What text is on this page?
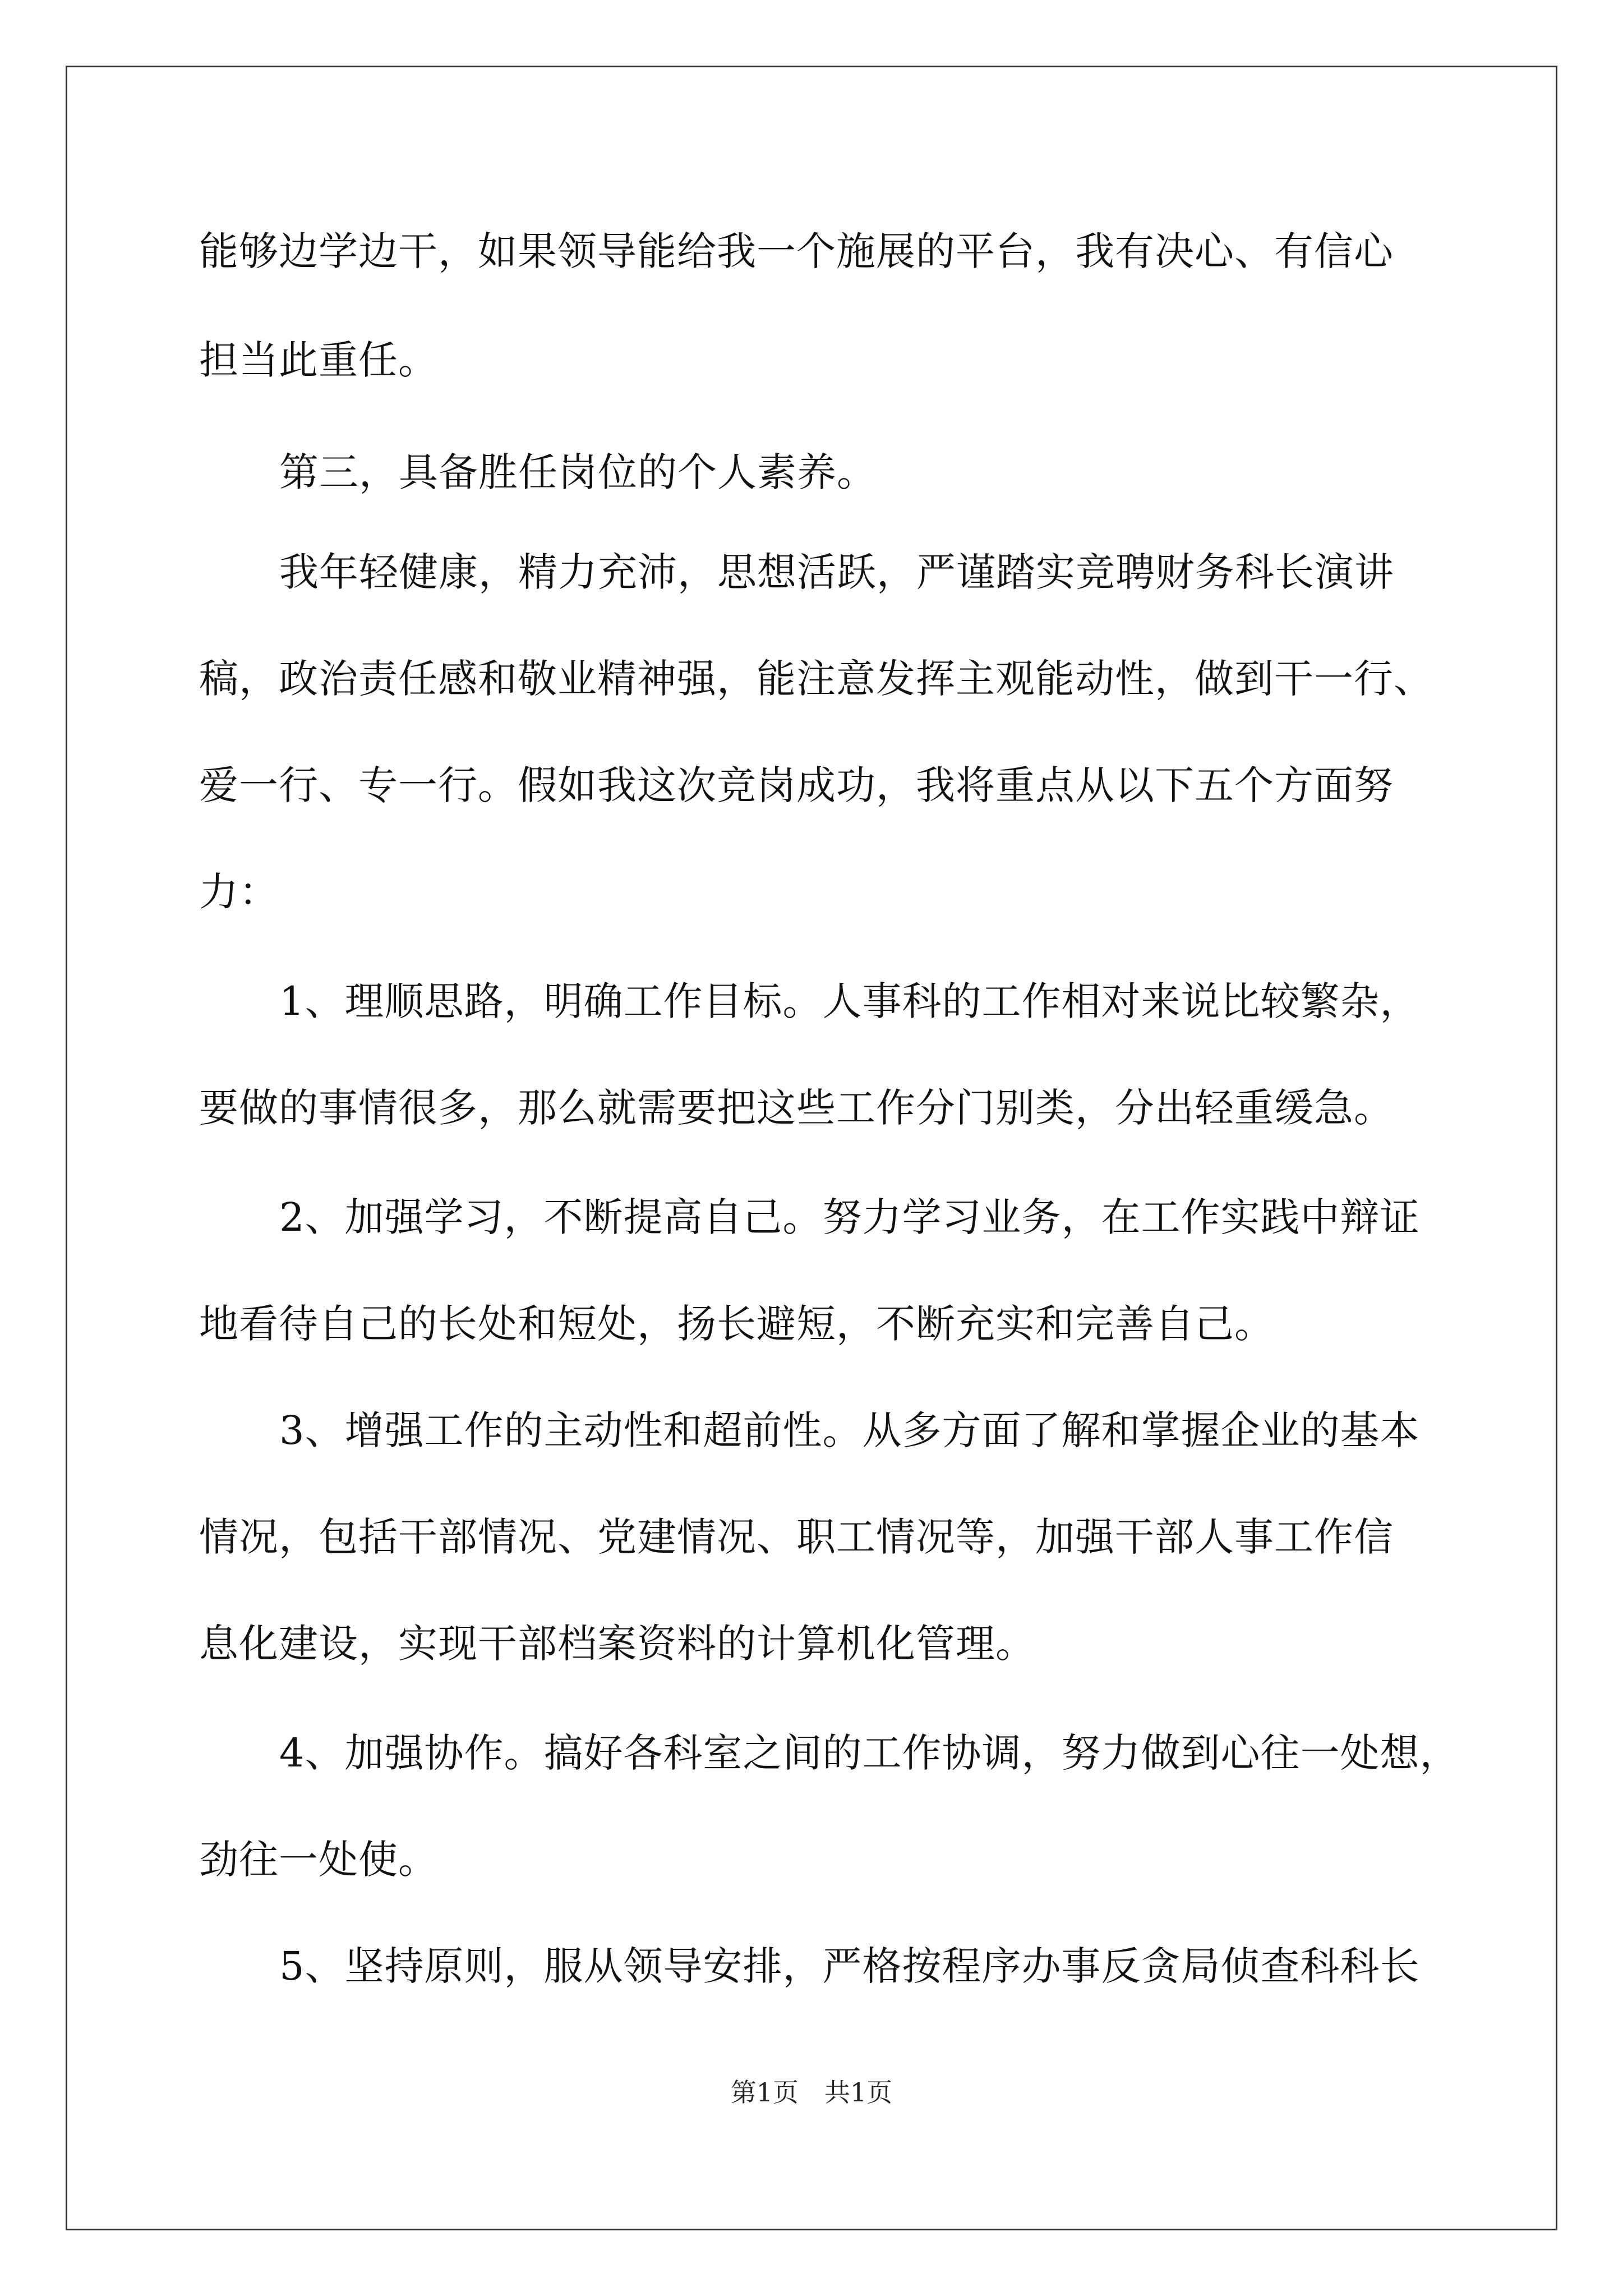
能够边学边干，如果领导能给我一个施展的平台，我有决心、有信心
担当此重任。
第三，具备胜任岗位的个人素养。
我年轻健康，精力充沛，思想活跃，严谨踏实竞聘财务科长演讲
稿，政治责任感和敬业精神强，能注意发挥主观能动性，做到干一行、
爱一行、专一行。假如我这次竞岗成功，我将重点从以下五个方面努
力：
1、理顺思路，明确工作目标。人事科的工作相对来说比较繁杂，
要做的事情很多，那么就需要把这些工作分门别类，分出轻重缓急。
2、加强学习，不断提高自己。努力学习业务，在工作实践中辩证
地看待自己的长处和短处，扬长避短，不断充实和完善自己。
3、增强工作的主动性和超前性。从多方面了解和掌握企业的基本
情况，包括干部情况、党建情况、职工情况等，加强干部人事工作信
息化建设，实现干部档案资料的计算机化管理。
4、加强协作。搞好各科室之间的工作协调，努力做到心往一处想，
劲往一处使。
5、坚持原则，服从领导安排，严格按程序办事反贪局侦查科科长
第1页　共1页
